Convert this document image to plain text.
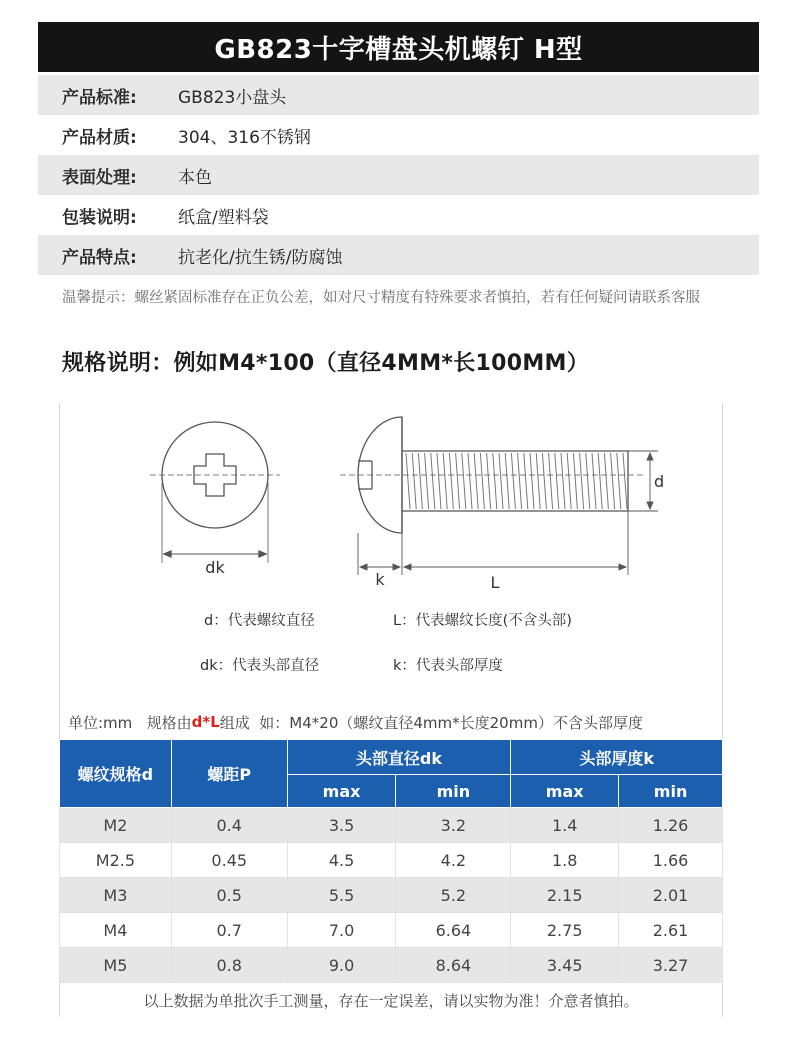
GB823十字槽盘头机螺钉 H型
产品标准:	GB823小盘头
产品材质:	304、316不锈钢
表面处理:	本色
包装说明:	纸盒/塑料袋
产品特点:	抗老化/抗生锈/防腐蚀
温馨提示：螺丝紧固标准存在正负公差，如对尺寸精度有特殊要求者慎拍，若有任何疑问请联系客服
规格说明：例如M4*100（直径4MM*长100MM）
dk
d
k	L
d：代表螺纹直径	L：代表螺纹长度(不含头部)
dk：代表头部直径	k：代表头部厚度
单位:mm   规格由 d * L 组成  如：M4*20（螺纹直径4mm*长度20mm）不含头部厚度
螺纹规格d	螺距P	头部直径dk		头部厚度k	
		max	min	max	min
M2	0.4	3.5	3.2	1.4	1.26
M2.5	0.45	4.5	4.2	1.8	1.66
M3	0.5	5.5	5.2	2.15	2.01
M4	0.7	7.0	6.64	2.75	2.61
M5	0.8	9.0	8.64	3.45	3.27
以上数据为单批次手工测量，存在一定误差，请以实物为准！介意者慎拍。
